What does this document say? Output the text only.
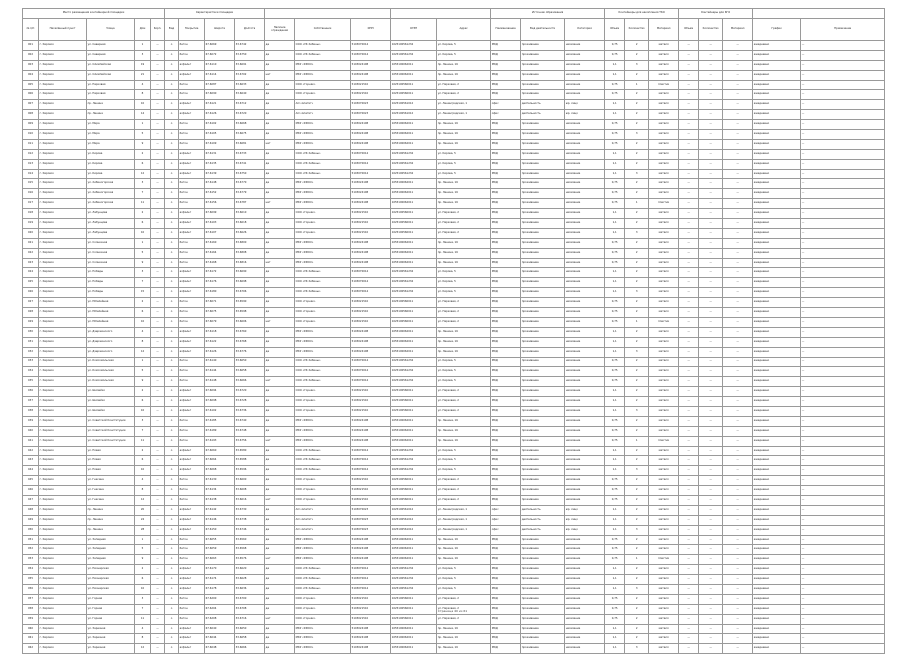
Место размещения контейнерной площадки					Характеристики площадки									Источник образования			Контейнеры для накопления ТКО			Контейнеры для КГО				
№ п/п	Населённый пункт	Улица	Дом	Корп.	Вид	Покрытие	Широта	Долгота	Наличие ограждения	Собственник	ИНН	ОГРН	Адрес	Наименование	Вид деятельности	Категория	Объем	Количество	Материал	Объем	Количество	Материал	График	Примечание
001	г. Кировск	ул. Северная	1	—	о	бетон	67.6069	33.6742	да	ООО «УК Хибины»	5103070014	1025100561234	ул. Кирова, 5	МКД	проживание	население	0,75	2	металл	—	—	—	ежедневно	—
002	г. Кировск	ул. Северная	3	—	о	бетон	67.6072	33.6750	да	ООО «УК Хибины»	5103070014	1025100561234	ул. Кирова, 5	МКД	проживание	население	0,75	2	металл	—	—	—	ежедневно	—
003	г. Кировск	ул. Олимпийская	19	—	о	асфальт	67.6110	33.6691	да	МКУ «УЖКХ»	5103024108	1055100062011	пр. Ленина, 16	МКД	проживание	население	1,1	3	металл	—	—	—	ежедневно	—
004	г. Кировск	ул. Олимпийская	21	—	о	асфальт	67.6114	33.6702	нет	МКУ «УЖКХ»	5103024108	1055100062011	пр. Ленина, 16	МКД	проживание	население	1,1	2	металл	—	—	—	ежедневно	—
005	г. Кировск	ул. Парковая	4	—	о	бетон	67.6087	33.6633	да	ООО «Горняк»	5103021510	1025100560011	ул. Парковая, 2	МКД	проживание	население	0,75	1	пластик	—	—	—	ежедневно	—
006	г. Кировск	ул. Парковая	8	—	о	бетон	67.6090	33.6640	да	ООО «Горняк»	5103021510	1025100560011	ул. Парковая, 2	МКД	проживание	население	0,75	2	металл	—	—	—	ежедневно	—
007	г. Кировск	пр. Ленина	10	—	о	асфальт	67.6121	33.6712	да	АО «Апатит»	5103070023	1025100561012	ул. Ленинградская, 1	офис	деятельность	юр. лицо	1,1	2	металл	—	—	—	ежедневно	—
008	г. Кировск	пр. Ленина	14	—	о	асфальт	67.6126	33.6720	да	АО «Апатит»	5103070023	1025100561012	ул. Ленинградская, 1	офис	деятельность	юр. лицо	1,1	2	металл	—	—	—	ежедневно	—
009	г. Кировск	ул. Мира	1	—	о	бетон	67.6102	33.6668	да	МКУ «УЖКХ»	5103024108	1055100062011	пр. Ленина, 16	МКД	проживание	население	0,75	2	металл	—	—	—	ежедневно	—
010	г. Кировск	ул. Мира	5	—	о	бетон	67.6105	33.6675	да	МКУ «УЖКХ»	5103024108	1055100062011	пр. Ленина, 16	МКД	проживание	население	0,75	3	металл	—	—	—	ежедневно	—
011	г. Кировск	ул. Мира	9	—	о	бетон	67.6109	33.6681	нет	МКУ «УЖКХ»	5103024108	1055100062011	пр. Ленина, 16	МКД	проживание	население	0,75	2	металл	—	—	—	ежедневно	—
012	г. Кировск	ул. Кирова	2	—	о	асфальт	67.6131	33.6733	да	ООО «УК Хибины»	5103070014	1025100561234	ул. Кирова, 5	МКД	проживание	население	1,1	2	металл	—	—	—	ежедневно	—
013	г. Кировск	ул. Кирова	6	—	о	асфальт	67.6135	33.6741	да	ООО «УК Хибины»	5103070014	1025100561234	ул. Кирова, 5	МКД	проживание	население	1,1	2	металл	—	—	—	ежедневно	—
014	г. Кировск	ул. Кирова	12	—	о	асфальт	67.6139	33.6750	да	ООО «УК Хибины»	5103070014	1025100561234	ул. Кирова, 5	МКД	проживание	население	1,1	3	металл	—	—	—	ежедневно	—
015	г. Кировск	ул. Хибиногорская	3	—	о	бетон	67.6148	33.6770	да	МКУ «УЖКХ»	5103024108	1055100062011	пр. Ленина, 16	МКД	проживание	население	0,75	2	металл	—	—	—	ежедневно	—
016	г. Кировск	ул. Хибиногорская	7	—	о	бетон	67.6152	33.6779	да	МКУ «УЖКХ»	5103024108	1055100062011	пр. Ленина, 16	МКД	проживание	население	0,75	2	металл	—	—	—	ежедневно	—
017	г. Кировск	ул. Хибиногорская	11	—	о	бетон	67.6156	33.6787	нет	МКУ «УЖКХ»	5103024108	1055100062011	пр. Ленина, 16	МКД	проживание	население	0,75	1	пластик	—	—	—	ежедневно	—
018	г. Кировск	ул. Лабунцова	2	—	о	асфальт	67.6099	33.6610	да	ООО «Горняк»	5103021510	1025100560011	ул. Парковая, 2	МКД	проживание	население	1,1	2	металл	—	—	—	ежедневно	—
019	г. Кировск	ул. Лабунцова	6	—	о	асфальт	67.6103	33.6618	да	ООО «Горняк»	5103021510	1025100560011	ул. Парковая, 2	МКД	проживание	население	1,1	2	металл	—	—	—	ежедневно	—
020	г. Кировск	ул. Лабунцова	10	—	о	асфальт	67.6107	33.6626	да	ООО «Горняк»	5103021510	1025100560011	ул. Парковая, 2	МКД	проживание	население	1,1	3	металл	—	—	—	ежедневно	—
021	г. Кировск	ул. Солнечная	1	—	о	бетон	67.6160	33.6800	да	МКУ «УЖКХ»	5103024108	1055100062011	пр. Ленина, 16	МКД	проживание	население	0,75	2	металл	—	—	—	ежедневно	—
022	г. Кировск	ул. Солнечная	5	—	о	бетон	67.6164	33.6808	да	МКУ «УЖКХ»	5103024108	1055100062011	пр. Ленина, 16	МКД	проживание	население	0,75	2	металл	—	—	—	ежедневно	—
023	г. Кировск	ул. Солнечная	9	—	о	бетон	67.6168	33.6816	нет	МКУ «УЖКХ»	5103024108	1055100062011	пр. Ленина, 16	МКД	проживание	население	0,75	2	металл	—	—	—	ежедневно	—
024	г. Кировск	ул. Победы	3	—	о	асфальт	67.6172	33.6690	да	ООО «УК Хибины»	5103070014	1025100561234	ул. Кирова, 5	МКД	проживание	население	1,1	2	металл	—	—	—	ежедневно	—
025	г. Кировск	ул. Победы	7	—	о	асфальт	67.6176	33.6698	да	ООО «УК Хибины»	5103070014	1025100561234	ул. Кирова, 5	МКД	проживание	население	1,1	2	металл	—	—	—	ежедневно	—
026	г. Кировск	ул. Победы	15	—	о	асфальт	67.6180	33.6706	да	ООО «УК Хибины»	5103070014	1025100561234	ул. Кирова, 5	МКД	проживание	население	1,1	3	металл	—	—	—	ежедневно	—
027	г. Кировск	ул. Юбилейная	2	—	о	бетон	67.6071	33.6590	да	ООО «Горняк»	5103021510	1025100560011	ул. Парковая, 2	МКД	проживание	население	0,75	2	металл	—	—	—	ежедневно	—
028	г. Кировск	ул. Юбилейная	6	—	о	бетон	67.6075	33.6598	да	ООО «Горняк»	5103021510	1025100560011	ул. Парковая, 2	МКД	проживание	население	0,75	2	металл	—	—	—	ежедневно	—
029	г. Кировск	ул. Юбилейная	10	—	о	бетон	67.6079	33.6606	нет	ООО «Горняк»	5103021510	1025100560011	ул. Парковая, 2	МКД	проживание	население	0,75	1	пластик	—	—	—	ежедневно	—
030	г. Кировск	ул. Дзержинского	4	—	о	асфальт	67.6118	33.6760	да	МКУ «УЖКХ»	5103024108	1055100062011	пр. Ленина, 16	МКД	проживание	население	1,1	2	металл	—	—	—	ежедневно	—
031	г. Кировск	ул. Дзержинского	8	—	о	асфальт	67.6122	33.6768	да	МКУ «УЖКХ»	5103024108	1055100062011	пр. Ленина, 16	МКД	проживание	население	1,1	2	металл	—	—	—	ежедневно	—
032	г. Кировск	ул. Дзержинского	12	—	о	асфальт	67.6126	33.6776	да	МКУ «УЖКХ»	5103024108	1055100062011	пр. Ленина, 16	МКД	проживание	население	1,1	3	металл	—	—	—	ежедневно	—
033	г. Кировск	ул. Комсомольская	1	—	о	бетон	67.6140	33.6650	да	ООО «УК Хибины»	5103070014	1025100561234	ул. Кирова, 5	МКД	проживание	население	0,75	2	металл	—	—	—	ежедневно	—
034	г. Кировск	ул. Комсомольская	5	—	о	бетон	67.6144	33.6658	да	ООО «УК Хибины»	5103070014	1025100561234	ул. Кирова, 5	МКД	проживание	население	0,75	2	металл	—	—	—	ежедневно	—
035	г. Кировск	ул. Комсомольская	9	—	о	бетон	67.6148	33.6666	нет	ООО «УК Хибины»	5103070014	1025100561234	ул. Кирова, 5	МКД	проживание	население	0,75	2	металл	—	—	—	ежедневно	—
036	г. Кировск	ул. Шилейко	2	—	о	асфальт	67.6094	33.6720	да	ООО «Горняк»	5103021510	1025100560011	ул. Парковая, 2	МКД	проживание	население	1,1	2	металл	—	—	—	ежедневно	—
037	г. Кировск	ул. Шилейко	6	—	о	асфальт	67.6098	33.6728	да	ООО «Горняк»	5103021510	1025100560011	ул. Парковая, 2	МКД	проживание	население	1,1	2	металл	—	—	—	ежедневно	—
038	г. Кировск	ул. Шилейко	10	—	о	асфальт	67.6102	33.6736	да	ООО «Горняк»	5103021510	1025100560011	ул. Парковая, 2	МКД	проживание	население	1,1	3	металл	—	—	—	ежедневно	—
039	г. Кировск	ул. Советской Конституции	3	—	о	бетон	67.6185	33.6740	да	МКУ «УЖКХ»	5103024108	1055100062011	пр. Ленина, 16	МКД	проживание	население	0,75	2	металл	—	—	—	ежедневно	—
040	г. Кировск	ул. Советской Конституции	7	—	о	бетон	67.6189	33.6748	да	МКУ «УЖКХ»	5103024108	1055100062011	пр. Ленина, 16	МКД	проживание	население	0,75	2	металл	—	—	—	ежедневно	—
041	г. Кировск	ул. Советской Конституции	11	—	о	бетон	67.6193	33.6756	нет	МКУ «УЖКХ»	5103024108	1055100062011	пр. Ленина, 16	МКД	проживание	население	0,75	1	пластик	—	—	—	ежедневно	—
042	г. Кировск	ул. Новая	2	—	о	асфальт	67.6060	33.6580	да	ООО «УК Хибины»	5103070014	1025100561234	ул. Кирова, 5	МКД	проживание	население	1,1	2	металл	—	—	—	ежедневно	—
043	г. Кировск	ул. Новая	6	—	о	асфальт	67.6064	33.6588	да	ООО «УК Хибины»	5103070014	1025100561234	ул. Кирова, 5	МКД	проживание	население	1,1	2	металл	—	—	—	ежедневно	—
044	г. Кировск	ул. Новая	10	—	о	асфальт	67.6068	33.6596	да	ООО «УК Хибины»	5103070014	1025100561234	ул. Кирова, 5	МКД	проживание	население	1,1	3	металл	—	—	—	ежедневно	—
045	г. Кировск	ул. Гнесина	4	—	о	бетон	67.6130	33.6600	да	ООО «Горняк»	5103021510	1025100560011	ул. Парковая, 2	МКД	проживание	население	0,75	2	металл	—	—	—	ежедневно	—
046	г. Кировск	ул. Гнесина	8	—	о	бетон	67.6134	33.6608	да	ООО «Горняк»	5103021510	1025100560011	ул. Парковая, 2	МКД	проживание	население	0,75	2	металл	—	—	—	ежедневно	—
047	г. Кировск	ул. Гнесина	12	—	о	бетон	67.6138	33.6616	нет	ООО «Горняк»	5103021510	1025100560011	ул. Парковая, 2	МКД	проживание	население	0,75	2	металл	—	—	—	ежедневно	—
048	г. Кировск	пр. Ленина	20	—	о	асфальт	67.6142	33.6730	да	АО «Апатит»	5103070023	1025100561012	ул. Ленинградская, 1	офис	деятельность	юр. лицо	1,1	2	металл	—	—	—	ежедневно	—
049	г. Кировск	пр. Ленина	24	—	о	асфальт	67.6146	33.6738	да	АО «Апатит»	5103070023	1025100561012	ул. Ленинградская, 1	офис	деятельность	юр. лицо	1,1	2	металл	—	—	—	ежедневно	—
050	г. Кировск	пр. Ленина	28	—	о	асфальт	67.6150	33.6746	да	АО «Апатит»	5103070023	1025100561012	ул. Ленинградская, 1	офис	деятельность	юр. лицо	1,1	3	металл	—	—	—	ежедневно	—
051	г. Кировск	ул. Западная	1	—	о	бетон	67.6055	33.6560	да	МКУ «УЖКХ»	5103024108	1055100062011	пр. Ленина, 16	МКД	проживание	население	0,75	2	металл	—	—	—	ежедневно	—
052	г. Кировск	ул. Западная	5	—	о	бетон	67.6059	33.6568	да	МКУ «УЖКХ»	5103024108	1055100062011	пр. Ленина, 16	МКД	проживание	население	0,75	2	металл	—	—	—	ежедневно	—
053	г. Кировск	ул. Западная	9	—	о	бетон	67.6063	33.6576	нет	МКУ «УЖКХ»	5103024108	1055100062011	пр. Ленина, 16	МКД	проживание	население	0,75	1	пластик	—	—	—	ежедневно	—
054	г. Кировск	ул. Пионерская	2	—	о	асфальт	67.6170	33.6620	да	ООО «УК Хибины»	5103070014	1025100561234	ул. Кирова, 5	МКД	проживание	население	1,1	2	металл	—	—	—	ежедневно	—
055	г. Кировск	ул. Пионерская	6	—	о	асфальт	67.6174	33.6628	да	ООО «УК Хибины»	5103070014	1025100561234	ул. Кирова, 5	МКД	проживание	население	1,1	2	металл	—	—	—	ежедневно	—
056	г. Кировск	ул. Пионерская	10	—	о	асфальт	67.6178	33.6636	да	ООО «УК Хибины»	5103070014	1025100561234	ул. Кирова, 5	МКД	проживание	население	1,1	3	металл	—	—	—	ежедневно	—
057	г. Кировск	ул. Горная	3	—	о	бетон	67.6200	33.6700	да	ООО «Горняк»	5103021510	1025100560011	ул. Парковая, 2	МКД	проживание	население	0,75	2	металл	—	—	—	ежедневно	—
058	г. Кировск	ул. Горная	7	—	о	бетон	67.6204	33.6708	да	ООО «Горняк»	5103021510	1025100560011	ул. Парковая, 2	МКД	проживание	население	0,75	2	металл	—	—	—	ежедневно	—
059	г. Кировск	ул. Горная	11	—	о	бетон	67.6208	33.6716	нет	ООО «Горняк»	5103021510	1025100560011	ул. Парковая, 2	МКД	проживание	население	0,75	2	металл	—	—	—	ежедневно	—
060	г. Кировск	ул. Заречная	4	—	о	асфальт	67.6040	33.6650	да	МКУ «УЖКХ»	5103024108	1055100062011	пр. Ленина, 16	МКД	проживание	население	1,1	2	металл	—	—	—	ежедневно	—
061	г. Кировск	ул. Заречная	8	—	о	асфальт	67.6044	33.6658	да	МКУ «УЖКХ»	5103024108	1055100062011	пр. Ленина, 16	МКД	проживание	население	1,1	2	металл	—	—	—	ежедневно	—
062	г. Кировск	ул. Заречная	12	—	о	асфальт	67.6048	33.6666	да	МКУ «УЖКХ»	5103024108	1055100062011	пр. Ленина, 16	МКД	проживание	население	1,1	3	металл	—	—	—	ежедневно	—
Страница 40 из 61
